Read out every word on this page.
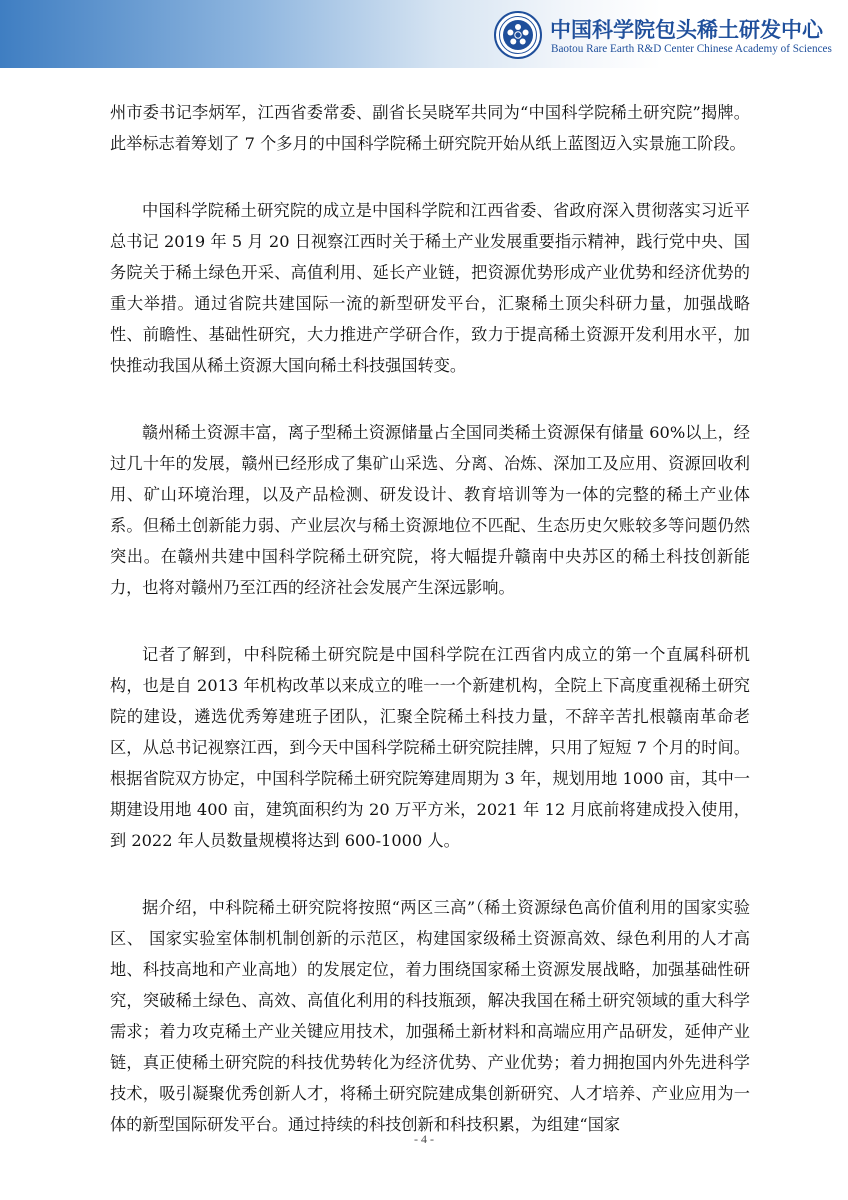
中国科学院包头稀土研发中心
Baotou Rare Earth R&D Center Chinese Academy of Sciences

州市委书记李炳军，江西省委常委、副省长吴晓军共同为“中国科学院稀土研究院”揭牌。此举标志着筹划了 7 个多月的中国科学院稀土研究院开始从纸上蓝图迈入实景施工阶段。

中国科学院稀土研究院的成立是中国科学院和江西省委、省政府深入贯彻落实习近平总书记 2019 年 5 月 20 日视察江西时关于稀土产业发展重要指示精神，践行党中央、国务院关于稀土绿色开采、高值利用、延长产业链，把资源优势形成产业优势和经济优势的重大举措。通过省院共建国际一流的新型研发平台，汇聚稀土顶尖科研力量，加强战略性、前瞻性、基础性研究，大力推进产学研合作，致力于提高稀土资源开发利用水平，加快推动我国从稀土资源大国向稀土科技强国转变。

赣州稀土资源丰富，离子型稀土资源储量占全国同类稀土资源保有储量 60%以上，经过几十年的发展，赣州已经形成了集矿山采选、分离、冶炼、深加工及应用、资源回收利用、矿山环境治理，以及产品检测、研发设计、教育培训等为一体的完整的稀土产业体系。但稀土创新能力弱、产业层次与稀土资源地位不匹配、生态历史欠账较多等问题仍然突出。在赣州共建中国科学院稀土研究院，将大幅提升赣南中央苏区的稀土科技创新能力，也将对赣州乃至江西的经济社会发展产生深远影响。

记者了解到，中科院稀土研究院是中国科学院在江西省内成立的第一个直属科研机构，也是自 2013 年机构改革以来成立的唯一一个新建机构，全院上下高度重视稀土研究院的建设，遴选优秀筹建班子团队，汇聚全院稀土科技力量，不辞辛苦扎根赣南革命老区，从总书记视察江西，到今天中国科学院稀土研究院挂牌，只用了短短 7 个月的时间。根据省院双方协定，中国科学院稀土研究院筹建周期为 3 年，规划用地 1000 亩，其中一期建设用地 400 亩，建筑面积约为 20 万平方米，2021 年 12 月底前将建成投入使用，到 2022 年人员数量规模将达到 600-1000 人。

据介绍，中科院稀土研究院将按照“两区三高”（稀土资源绿色高价值利用的国家实验区、 国家实验室体制机制创新的示范区，构建国家级稀土资源高效、绿色利用的人才高地、科技高地和产业高地）的发展定位，着力围绕国家稀土资源发展战略，加强基础性研究，突破稀土绿色、高效、高值化利用的科技瓶颈，解决我国在稀土研究领域的重大科学需求；着力攻克稀土产业关键应用技术，加强稀土新材料和高端应用产品研发，延伸产业链，真正使稀土研究院的科技优势转化为经济优势、产业优势；着力拥抱国内外先进科学技术，吸引凝聚优秀创新人才，将稀土研究院建成集创新研究、人才培养、产业应用为一体的新型国际研发平台。通过持续的科技创新和科技积累，为组建“国家

- 4 -
